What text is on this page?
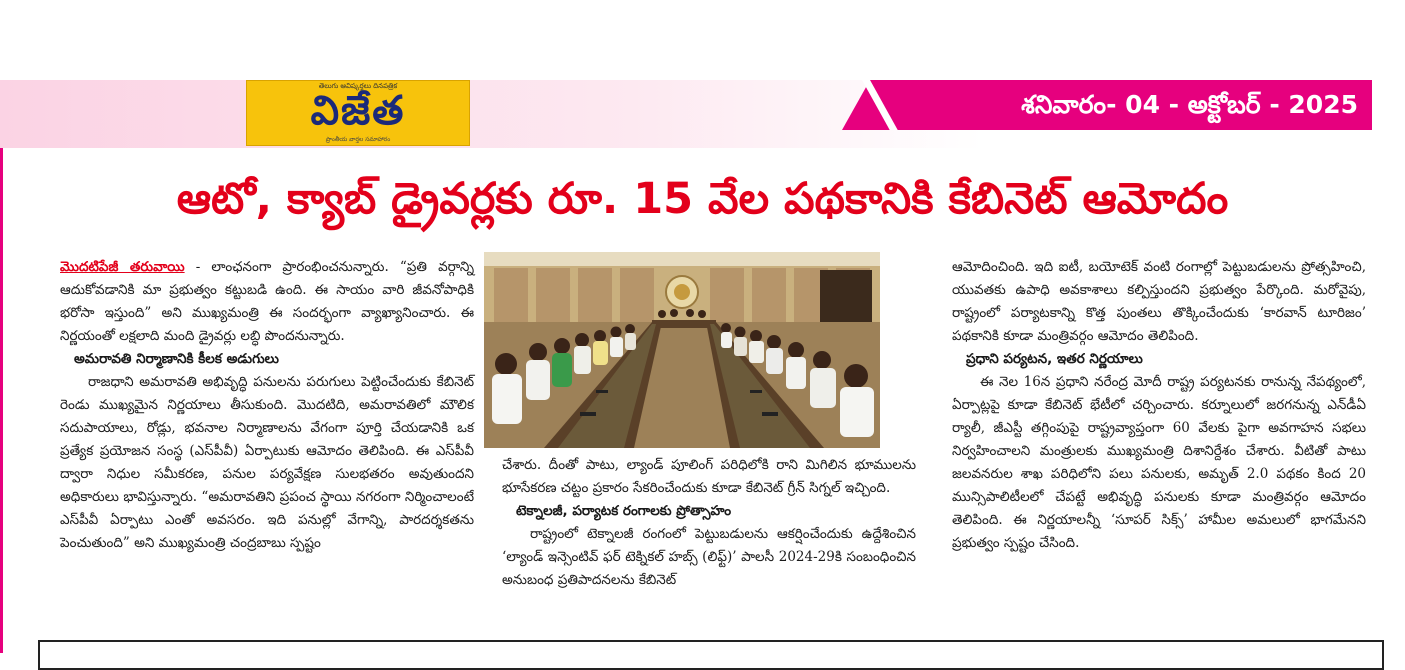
తెలుగు ఆవిష్కర్తలు దినపత్రిక
విజేత
ప్రాంతీయ వార్తల సమాహారం
శనివారం- 04 - అక్టోబర్ - 2025
ఆటో, క్యాబ్ డ్రైవర్లకు రూ. 15 వేల పథకానికి కేబినెట్ ఆమోదం

మొదటిపేజీ తరువాయి - లాంఛనంగా ప్రారంభించనున్నారు. “ప్రతి వర్గాన్ని ఆదుకోవడానికి మా ప్రభుత్వం కట్టుబడి ఉంది. ఈ సాయం వారి జీవనోపాధికి భరోసా ఇస్తుంది” అని ముఖ్యమంత్రి ఈ సందర్భంగా వ్యాఖ్యానించారు. ఈ నిర్ణయంతో లక్షలాది మంది డ్రైవర్లు లబ్ధి పొందనున్నారు.

అమరావతి నిర్మాణానికి కీలక అడుగులు

రాజధాని అమరావతి అభివృద్ధి పనులను పరుగులు పెట్టించేందుకు కేబినెట్ రెండు ముఖ్యమైన నిర్ణయాలు తీసుకుంది. మొదటిది, అమరావతిలో మౌలిక సదుపాయాలు, రోడ్లు, భవనాల నిర్మాణాలను వేగంగా పూర్తి చేయడానికి ఒక ప్రత్యేక ప్రయోజన సంస్థ (ఎస్‌పీవీ) ఏర్పాటుకు ఆమోదం తెలిపింది. ఈ ఎస్‌పీవీ ద్వారా నిధుల సమీకరణ, పనుల పర్యవేక్షణ సులభతరం అవుతుందని అధికారులు భావిస్తున్నారు. “అమరావతిని ప్రపంచ స్థాయి నగరంగా నిర్మించాలంటే ఎస్‌పీవీ ఏర్పాటు ఎంతో అవసరం. ఇది పనుల్లో వేగాన్ని, పారదర్శకతను పెంచుతుంది” అని ముఖ్యమంత్రి చంద్రబాబు స్పష్టం

చేశారు. దీంతో పాటు, ల్యాండ్ పూలింగ్ పరిధిలోకి రాని మిగిలిన భూములను భూసేకరణ చట్టం ప్రకారం సేకరించేందుకు కూడా కేబినెట్ గ్రీన్ సిగ్నల్ ఇచ్చింది.

టెక్నాలజీ, పర్యాటక రంగాలకు ప్రోత్సాహం

రాష్ట్రంలో టెక్నాలజీ రంగంలో పెట్టుబడులను ఆకర్షించేందుకు ఉద్దేశించిన ‘ల్యాండ్ ఇన్సెంటివ్ ఫర్ టెక్నికల్ హబ్స్ (లిఫ్ట్)’ పాలసీ 2024-29కి సంబంధించిన అనుబంధ ప్రతిపాదనలను కేబినెట్

ఆమోదించింది. ఇది ఐటీ, బయోటెక్ వంటి రంగాల్లో పెట్టుబడులను ప్రోత్సహించి, యువతకు ఉపాధి అవకాశాలు కల్పిస్తుందని ప్రభుత్వం పేర్కొంది. మరోవైపు, రాష్ట్రంలో పర్యాటకాన్ని కొత్త పుంతలు తొక్కించేందుకు ‘కారవాన్ టూరిజం’ పథకానికి కూడా మంత్రివర్గం ఆమోదం తెలిపింది.

ప్రధాని పర్యటన, ఇతర నిర్ణయాలు

ఈ నెల 16న ప్రధాని నరేంద్ర మోదీ రాష్ట్ర పర్యటనకు రానున్న నేపథ్యంలో, ఏర్పాట్లపై కూడా కేబినెట్ భేటీలో చర్చించారు. కర్నూలులో జరగనున్న ఎన్‌డీఏ ర్యాలీ, జీఎస్టీ తగ్గింపుపై రాష్ట్రవ్యాప్తంగా 60 వేలకు పైగా అవగాహన సభలు నిర్వహించాలని మంత్రులకు ముఖ్యమంత్రి దిశానిర్దేశం చేశారు. వీటితో పాటు జలవనరుల శాఖ పరిధిలోని పలు పనులకు, అమృత్ 2.0 పథకం కింద 20 మున్సిపాలిటీలలో చేపట్టే అభివృద్ధి పనులకు కూడా మంత్రివర్గం ఆమోదం తెలిపింది. ఈ నిర్ణయాలన్నీ ‘సూపర్ సిక్స్’ హామీల అమలులో భాగమేనని ప్రభుత్వం స్పష్టం చేసింది.
